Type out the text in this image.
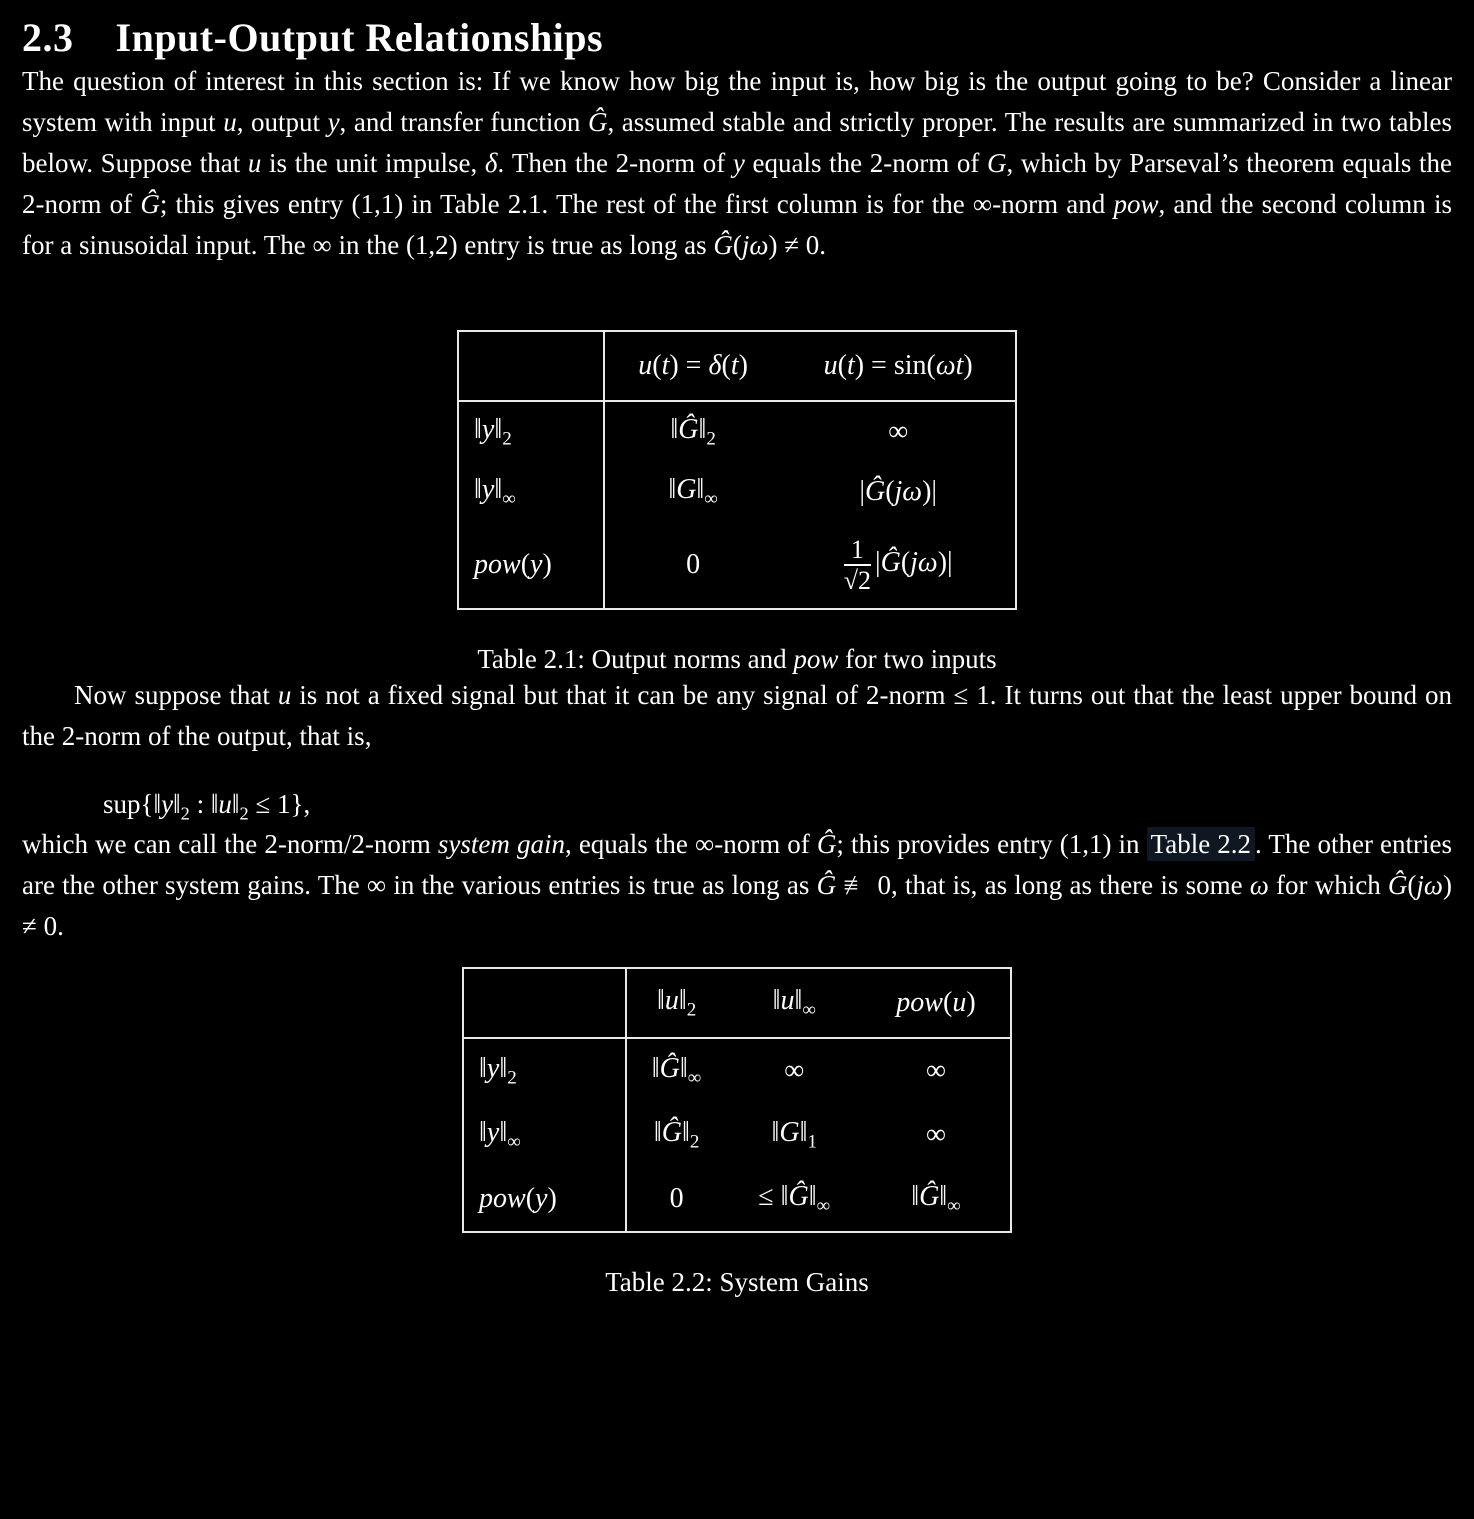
2.3 Input-Output Relationships

The question of interest in this section is: If we know how big the input is, how big is the output going to be? Consider a linear system with input u, output y, and transfer function Ĝ, assumed stable and strictly proper. The results are summarized in two tables below. Suppose that u is the unit impulse, δ. Then the 2-norm of y equals the 2-norm of G, which by Parseval’s theorem equals the 2-norm of Ĝ; this gives entry (1,1) in Table 2.1. The rest of the first column is for the ∞-norm and pow, and the second column is for a sinusoidal input. The ∞ in the (1,2) entry is true as long as Ĝ(jω) ≠ 0.

	u(t) = δ(t)	u(t) = sin(ωt)
$‖y‖_2$	$‖Ĝ‖_2$	∞
$‖y‖_\infty$	$‖G‖_\infty$	|Ĝ(jω)|
pow(y)	0	$\frac{1}{√2}$ |Ĝ(jω)|
Table 2.1: Output norms and pow for two inputs

Now suppose that u is not a fixed signal but that it can be any signal of 2-norm ≤ 1. It turns out that the least upper bound on the 2-norm of the output, that is,

$sup\{‖y‖_2$ : $‖u‖_2 \le 1$},

which we can call the 2-norm/2-norm system gain, equals the ∞-norm of Ĝ; this provides entry (1,1) in Table 2.2 . The other entries are the other system gains. The ∞ in the various entries is true as long as Ĝ ≢ 0, that is, as long as there is some ω for which Ĝ(jω) ≠ 0.

	$‖u‖_2$	$‖u‖_\infty$	pow(u)
$‖y‖_2$	$‖Ĝ‖_\infty$	∞	∞
$‖y‖_\infty$	$‖Ĝ‖_2$	$‖G‖_1$	∞
pow(y)	0	≤ $‖Ĝ‖_\infty$	$‖Ĝ‖_\infty$
Table 2.2: System Gains
